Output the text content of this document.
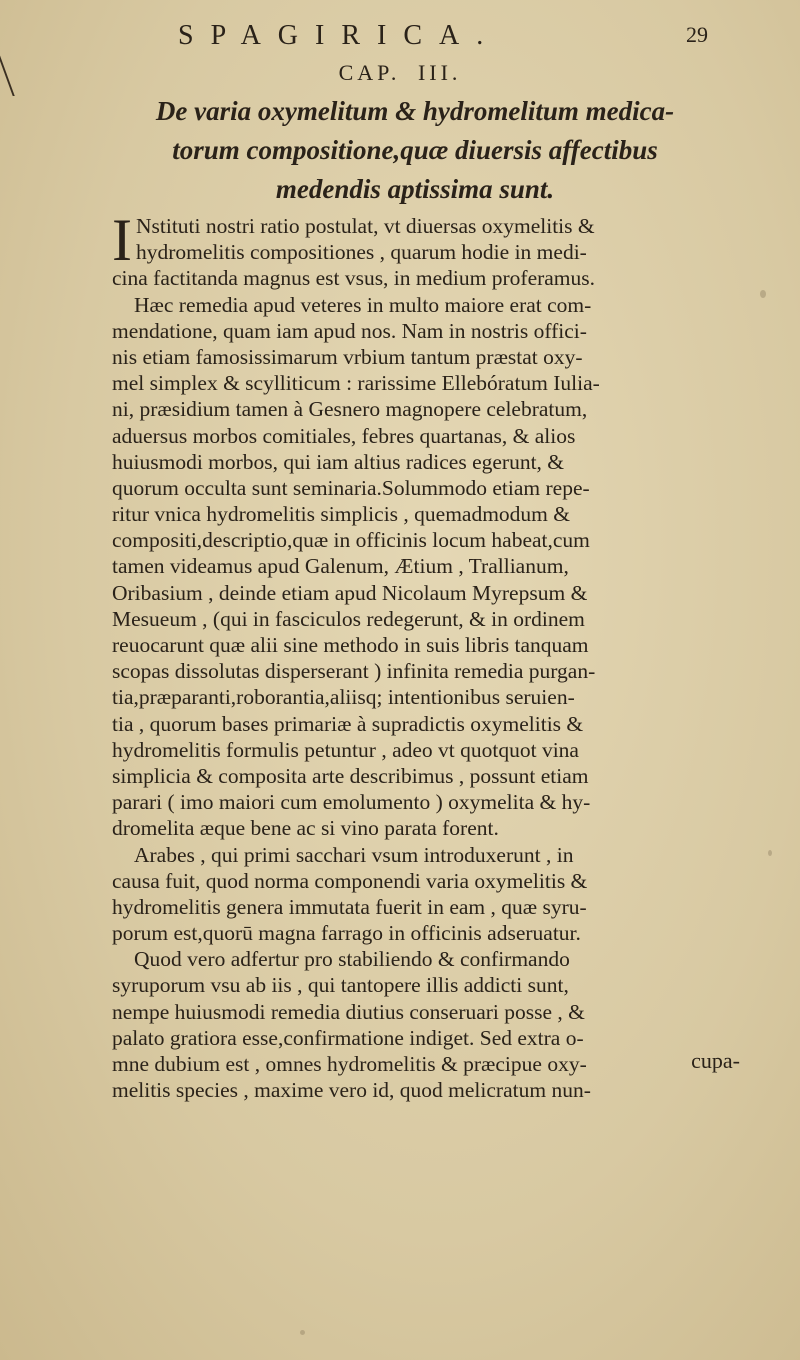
SPAGIRICA.	29
CAP. III.
De varia oxymelitum & hydromelitum medica-
torum compositione,quæ diuersis affectibus
medendis aptissima sunt.
I Nstituti nostri ratio postulat, vt diuersas oxymelitis &
hydromelitis compositiones , quarum hodie in medi-
cina factitanda magnus est vsus, in medium proferamus.
Hæc remedia apud veteres in multo maiore erat com-
mendatione, quam iam apud nos. Nam in nostris offici-
nis etiam famosissimarum vrbium tantum præstat oxy-
mel simplex & scylliticum : rarissime Ellebóratum Iulia-
ni, præsidium tamen à Gesnero magnopere celebratum,
aduersus morbos comitiales, febres quartanas, & alios
huiusmodi morbos, qui iam altius radices egerunt, &
quorum occulta sunt seminaria.Solummodo etiam repe-
ritur vnica hydromelitis simplicis , quemadmodum &
compositi,descriptio,quæ in officinis locum habeat,cum
tamen videamus apud Galenum, Ætium , Trallianum,
Oribasium , deinde etiam apud Nicolaum Myrepsum &
Mesueum , (qui in fasciculos redegerunt, & in ordinem
reuocarunt quæ alii sine methodo in suis libris tanquam
scopas dissolutas disperserant ) infinita remedia purgan-
tia,præparanti,roborantia,aliisq; intentionibus seruien-
tia , quorum bases primariæ à supradictis oxymelitis &
hydromelitis formulis petuntur , adeo vt quotquot vina
simplicia & composita arte describimus , possunt etiam
parari ( imo maiori cum emolumento ) oxymelita & hy-
dromelita æque bene ac si vino parata forent.
Arabes , qui primi sacchari vsum introduxerunt , in
causa fuit, quod norma componendi varia oxymelitis &
hydromelitis genera immutata fuerit in eam , quæ syru-
porum est,quorū magna farrago in officinis adseruatur.
Quod vero adfertur pro stabiliendo & confirmando
syruporum vsu ab iis , qui tantopere illis addicti sunt,
nempe huiusmodi remedia diutius conseruari posse , &
palato gratiora esse,confirmatione indiget. Sed extra o-
mne dubium est , omnes hydromelitis & præcipue oxy-
melitis species , maxime vero id, quod melicratum nun-
cupa-
